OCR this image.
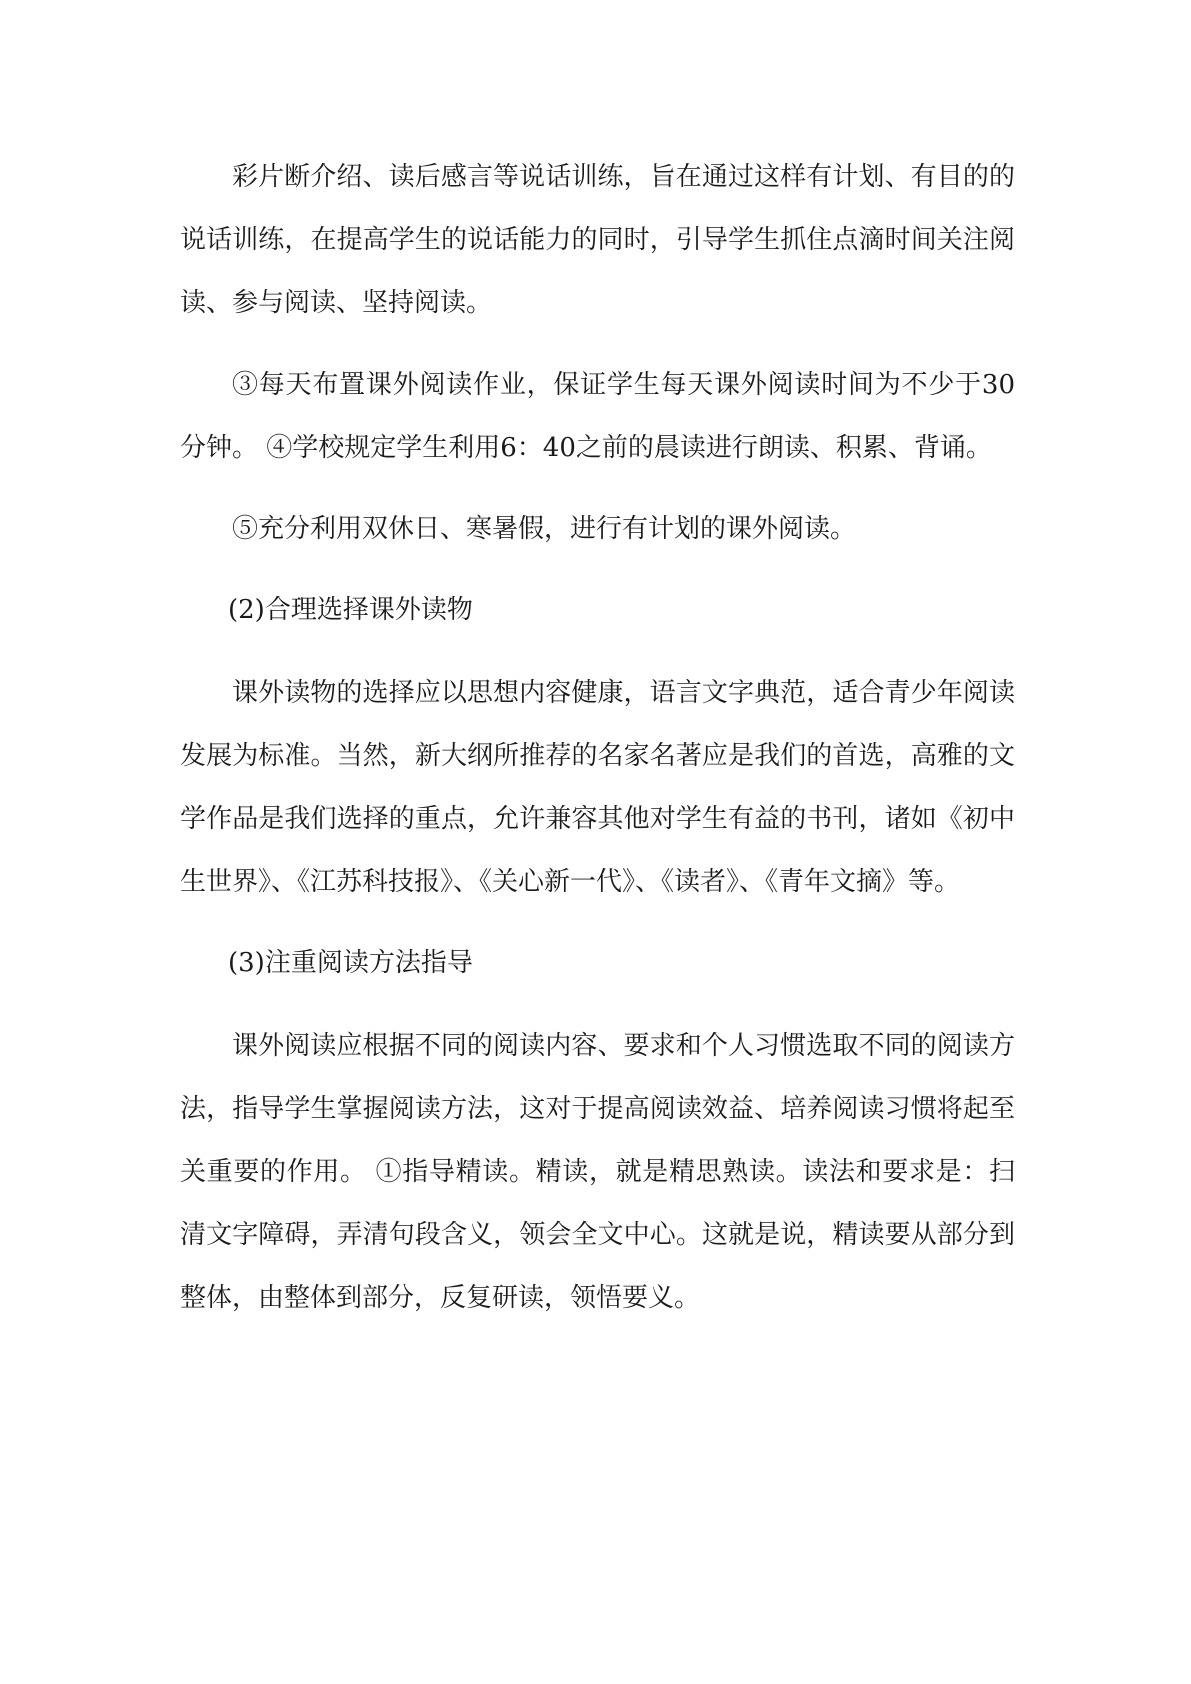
彩片断介绍、读后感言等说话训练，旨在通过这样有计划、有目的的说话训练，在提高学生的说话能力的同时，引导学生抓住点滴时间关注阅读、参与阅读、坚持阅读。

③每天布置课外阅读作业，保证学生每天课外阅读时间为不少于30分钟。 ④学校规定学生利用6：40之前的晨读进行朗读、积累、背诵。

⑤充分利用双休日、寒暑假，进行有计划的课外阅读。

(2)合理选择课外读物

课外读物的选择应以思想内容健康，语言文字典范，适合青少年阅读发展为标准。当然，新大纲所推荐的名家名著应是我们的首选，高雅的文学作品是我们选择的重点，允许兼容其他对学生有益的书刊，诸如《初中生世界》、《江苏科技报》、《关心新一代》、《读者》、《青年文摘》等。

(3)注重阅读方法指导

课外阅读应根据不同的阅读内容、要求和个人习惯选取不同的阅读方法，指导学生掌握阅读方法，这对于提高阅读效益、培养阅读习惯将起至关重要的作用。 ①指导精读。精读，就是精思熟读。读法和要求是：扫清文字障碍，弄清句段含义，领会全文中心。这就是说，精读要从部分到整体，由整体到部分，反复研读，领悟要义。
